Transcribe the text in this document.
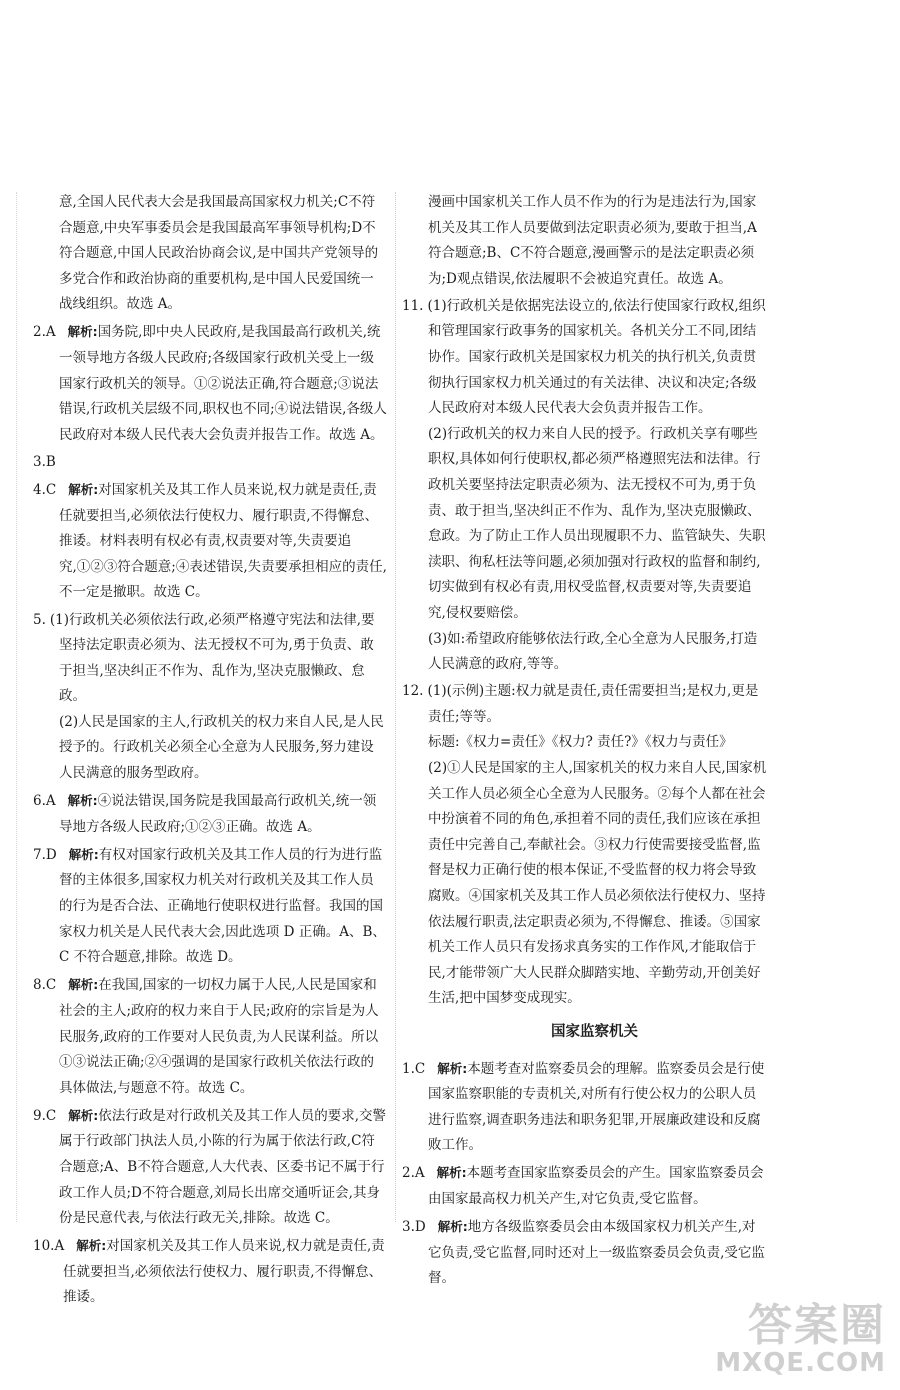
意,全国人民代表大会是我国最高国家权力机关;C不符合题意,中央军事委员会是我国最高军事领导机构;D不符合题意,中国人民政治协商会议,是中国共产党领导的多党合作和政治协商的重要机构,是中国人民爱国统一战线组织。故选 A。

2.A 解析:国务院,即中央人民政府,是我国最高行政机关,统一领导地方各级人民政府;各级国家行政机关受上一级国家行政机关的领导。①②说法正确,符合题意;③说法错误,行政机关层级不同,职权也不同;④说法错误,各级人民政府对本级人民代表大会负责并报告工作。故选 A。

3.B

4.C 解析:对国家机关及其工作人员来说,权力就是责任,责任就要担当,必须依法行使权力、履行职责,不得懈怠、推诿。材料表明有权必有责,权责要对等,失责要追究,①②③符合题意;④表述错误,失责要承担相应的责任,不一定是撤职。故选 C。

5. (1)行政机关必须依法行政,必须严格遵守宪法和法律,要坚持法定职责必须为、法无授权不可为,勇于负责、敢于担当,坚决纠正不作为、乱作为,坚决克服懒政、怠政。

(2)人民是国家的主人,行政机关的权力来自人民,是人民授予的。行政机关必须全心全意为人民服务,努力建设人民满意的服务型政府。

6.A 解析:④说法错误,国务院是我国最高行政机关,统一领导地方各级人民政府;①②③正确。故选 A。

7.D 解析:有权对国家行政机关及其工作人员的行为进行监督的主体很多,国家权力机关对行政机关及其工作人员的行为是否合法、正确地行使职权进行监督。我国的国家权力机关是人民代表大会,因此选项 D 正确。A、B、C 不符合题意,排除。故选 D。

8.C 解析:在我国,国家的一切权力属于人民,人民是国家和社会的主人;政府的权力来自于人民;政府的宗旨是为人民服务,政府的工作要对人民负责,为人民谋利益。所以①③说法正确;②④强调的是国家行政机关依法行政的具体做法,与题意不符。故选 C。

9.C 解析:依法行政是对行政机关及其工作人员的要求,交警属于行政部门执法人员,小陈的行为属于依法行政,C符合题意;A、B不符合题意,人大代表、区委书记不属于行政工作人员;D不符合题意,刘局长出席交通听证会,其身份是民意代表,与依法行政无关,排除。故选 C。

10.A 解析:对国家机关及其工作人员来说,权力就是责任,责任就要担当,必须依法行使权力、履行职责,不得懈怠、推诿。

漫画中国家机关工作人员不作为的行为是违法行为,国家机关及其工作人员要做到法定职责必须为,要敢于担当,A符合题意;B、C不符合题意,漫画警示的是法定职责必须为;D观点错误,依法履职不会被追究責任。故选 A。

11. (1)行政机关是依据宪法设立的,依法行使国家行政权,组织和管理国家行政事务的国家机关。各机关分工不同,团结协作。国家行政机关是国家权力机关的执行机关,负责贯彻执行国家权力机关通过的有关法律、决议和决定;各级人民政府对本级人民代表大会负责并报告工作。

(2)行政机关的权力来自人民的授予。行政机关享有哪些职权,具体如何行使职权,都必须严格遵照宪法和法律。行政机关要坚持法定职责必须为、法无授权不可为,勇于负责、敢于担当,坚决纠正不作为、乱作为,坚决克服懒政、怠政。为了防止工作人员出现履职不力、监管缺失、失职渎职、徇私枉法等问题,必须加强对行政权的监督和制约,切实做到有权必有责,用权受监督,权责要对等,失责要追究,侵权要赔偿。

(3)如:希望政府能够依法行政,全心全意为人民服务,打造人民满意的政府,等等。

12. (1)(示例)主题:权力就是责任,责任需要担当;是权力,更是责任;等等。

标题:《权力=责任》《权力? 责任?》《权力与责任》

(2)①人民是国家的主人,国家机关的权力来自人民,国家机关工作人员必须全心全意为人民服务。②每个人都在社会中扮演着不同的角色,承担着不同的责任,我们应该在承担责任中完善自己,奉献社会。③权力行使需要接受监督,监督是权力正确行使的根本保证,不受监督的权力将会导致腐败。④国家机关及其工作人员必须依法行使权力、坚持依法履行职责,法定职责必须为,不得懈怠、推诿。⑤国家机关工作人员只有发扬求真务实的工作作风,才能取信于民,才能带领广大人民群众脚踏实地、辛勤劳动,开创美好生活,把中国梦变成现实。

国家监察机关

1.C 解析:本题考查对监察委员会的理解。监察委员会是行使国家监察职能的专责机关,对所有行使公权力的公职人员进行监察,调查职务违法和职务犯罪,开展廉政建设和反腐败工作。

2.A 解析:本题考查国家监察委员会的产生。国家监察委员会由国家最高权力机关产生,对它负责,受它监督。

3.D 解析:地方各级监察委员会由本级国家权力机关产生,对它负责,受它监督,同时还对上一级监察委员会负责,受它监督。

答案圈
MXQE.COM
